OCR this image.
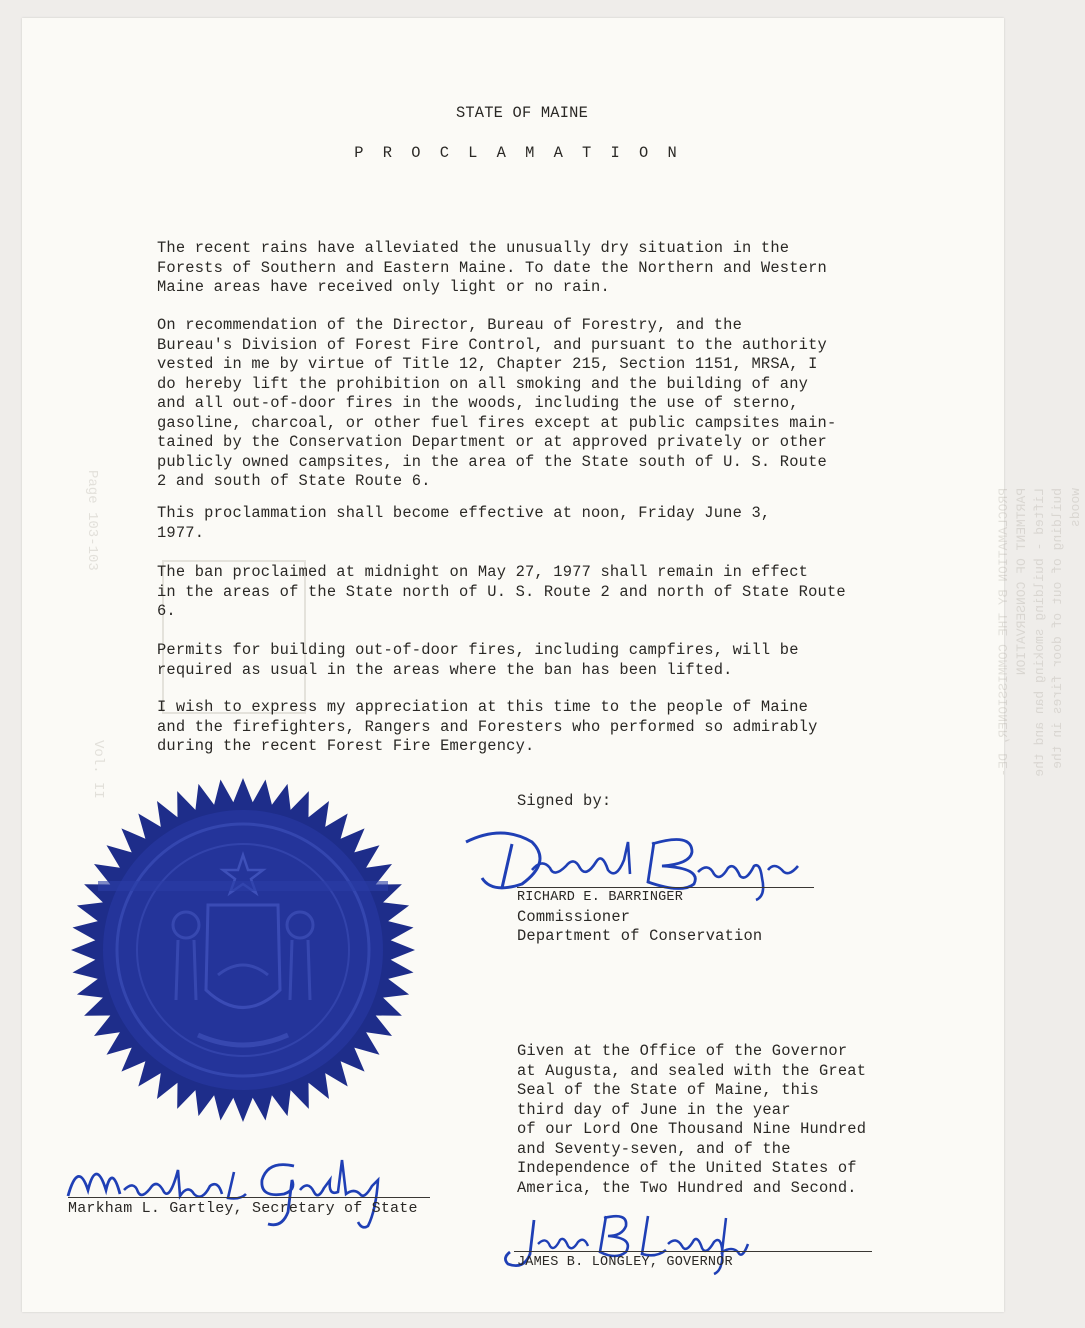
Page 103-103
Vol. II	PROCLAMATION BY THE COMMISSIONER, DE- PARTMENT OF CONSERVATION Lifted - building smoking ban and the building of out of door fires in the woods
STATE OF MAINE
P R O C L A M A T I O N
The recent rains have alleviated the unusually dry situation in the
Forests of Southern and Eastern Maine. To date the Northern and Western
Maine areas have received only light or no rain.
On recommendation of the Director, Bureau of Forestry, and the
Bureau's Division of Forest Fire Control, and pursuant to the authority
vested in me by virtue of Title 12, Chapter 215, Section 1151, MRSA, I
do hereby lift the prohibition on all smoking and the building of any
and all out-of-door fires in the woods, including the use of sterno,
gasoline, charcoal, or other fuel fires except at public campsites main-
tained by the Conservation Department or at approved privately or other
publicly owned campsites, in the area of the State south of U. S. Route
2 and south of State Route 6.
This proclammation shall become effective at noon, Friday June 3,
1977.
The ban proclaimed at midnight on May 27, 1977 shall remain in effect
in the areas of the State north of U. S. Route 2 and north of State Route
6.
Permits for building out-of-door fires, including campfires, will be
required as usual in the areas where the ban has been lifted.
I wish to express my appreciation at this time to the people of Maine
and the firefighters, Rangers and Foresters who performed so admirably
during the recent Forest Fire Emergency.
Signed by:
RICHARD E. BARRINGER
Commissioner
Department of Conservation
Given at the Office of the Governor
at Augusta, and sealed with the Great
Seal of the State of Maine, this
third day of June in the year
of our Lord One Thousand Nine Hundred
and Seventy-seven, and of the
Independence of the United States of
America, the Two Hundred and Second.
Markham L. Gartley, Secretary of State
JAMES B. LONGLEY, GOVERNOR
